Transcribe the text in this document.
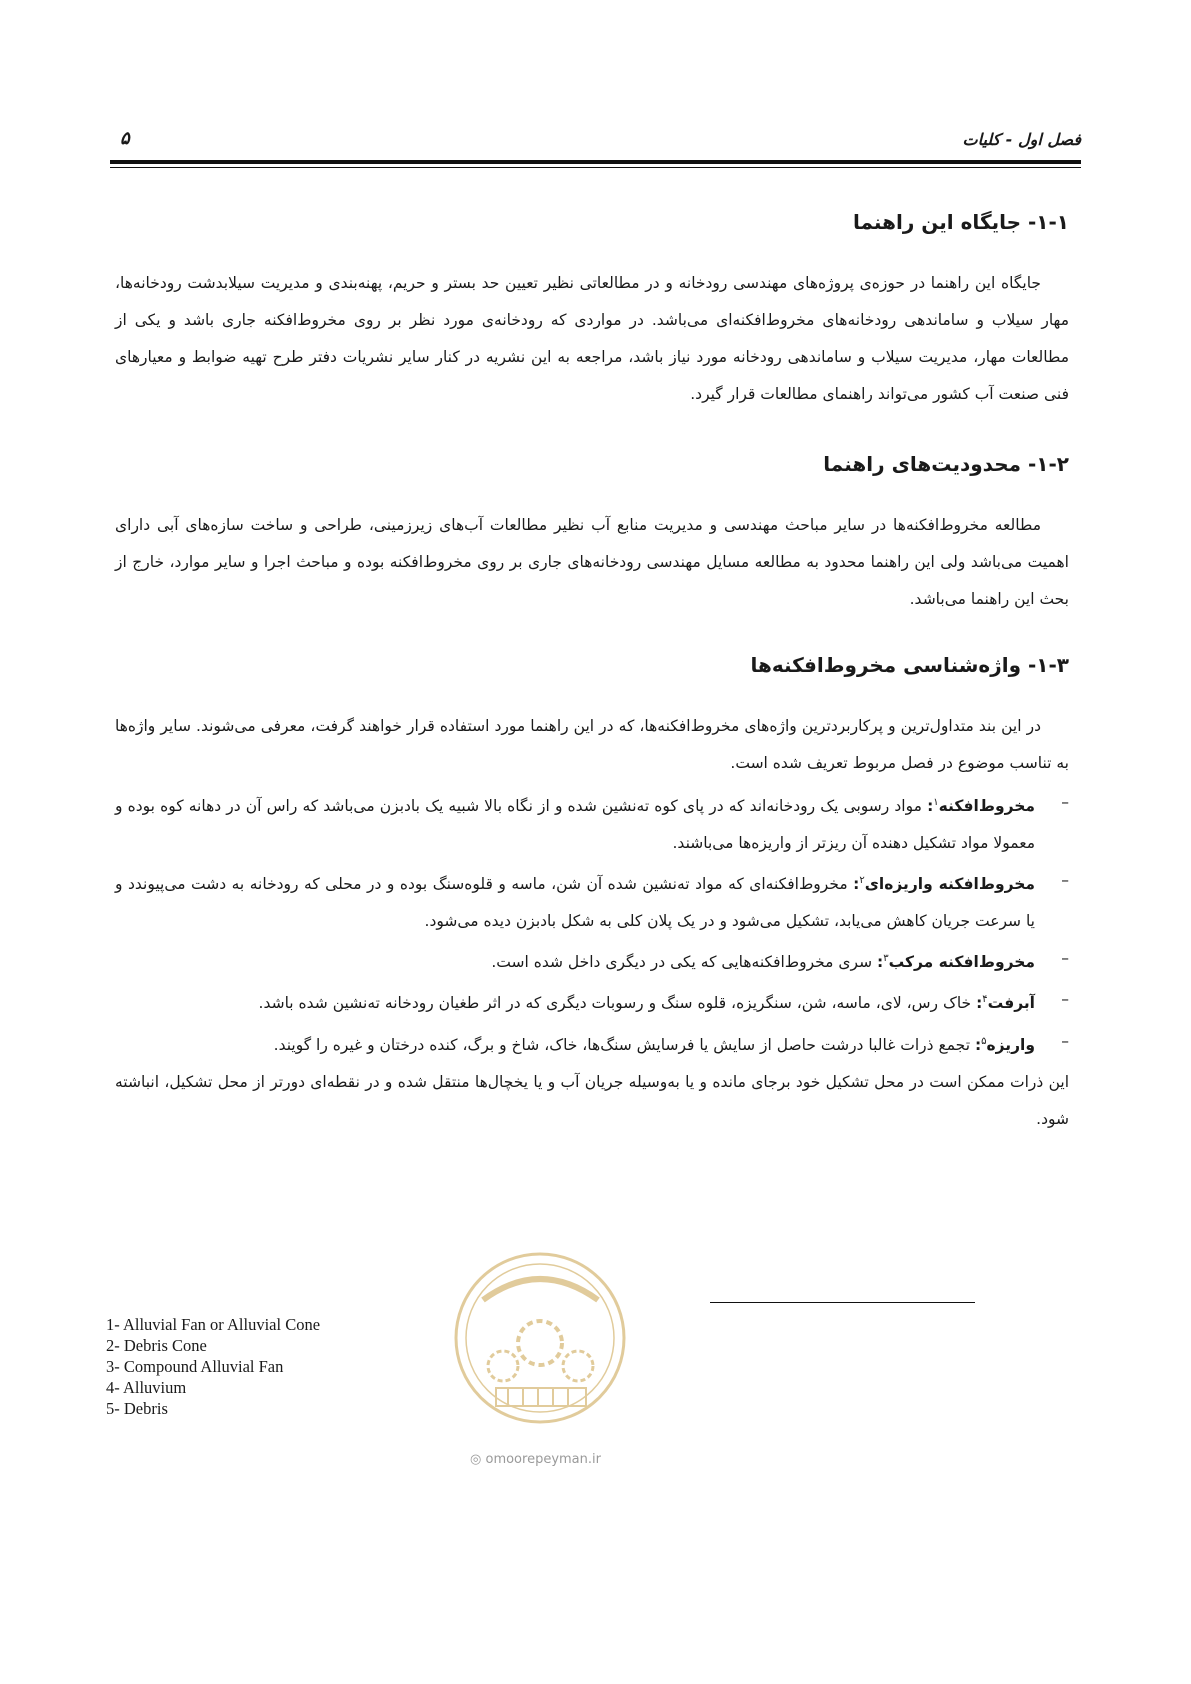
فصل اول - کلیات
۵
۱-۱- جایگاه این راهنما

جایگاه این راهنما در حوزه‌ی پروژه‌های مهندسی رودخانه و در مطالعاتی نظیر تعیین حد بستر و حریم، پهنه‌بندی و مدیریت سیلابدشت رودخانه‌ها، مهار سیلاب و ساماندهی رودخانه‌های مخروط‌افکنه‌ای می‌باشد. در مواردی که رودخانه‌ی مورد نظر بر روی مخروط‌افکنه جاری باشد و یکی از مطالعات مهار، مدیریت سیلاب و ساماندهی رودخانه مورد نیاز باشد، مراجعه به این نشریه در کنار سایر نشریات دفتر طرح تهیه ضوابط و معیارهای فنی صنعت آب کشور می‌تواند راهنمای مطالعات قرار گیرد.

۱-۲- محدودیت‌های راهنما

مطالعه مخروط‌افکنه‌ها در سایر مباحث مهندسی و مدیریت منابع آب نظیر مطالعات آب‌های زیرزمینی، طراحی و ساخت سازه‌های آبی دارای اهمیت می‌باشد ولی این راهنما محدود به مطالعه مسایل مهندسی رودخانه‌های جاری بر روی مخروط‌افکنه بوده و مباحث اجرا و سایر موارد، خارج از بحث این راهنما می‌باشد.

۱-۳- واژه‌شناسی مخروط‌افکنه‌ها

در این بند متداول‌ترین و پرکاربردترین واژه‌های مخروط‌افکنه‌ها، که در این راهنما مورد استفاده قرار خواهند گرفت، معرفی می‌شوند. سایر واژه‌ها به تناسب موضوع در فصل مربوط تعریف شده است.

–
مخروط‌افکنه$^۱$: مواد رسوبی یک رودخانه‌اند که در پای کوه ته‌نشین شده و از نگاه بالا شبیه یک بادبزن می‌باشد که راس آن در دهانه کوه بوده و معمولا مواد تشکیل دهنده آن ریزتر از واریزه‌ها می‌باشند.
–
مخروط‌افکنه واریزه‌ای$^۲$: مخروط‌افکنه‌ای که مواد ته‌نشین شده آن شن، ماسه و قلوه‌سنگ بوده و در محلی که رودخانه به دشت می‌پیوندد و یا سرعت جریان کاهش می‌یابد، تشکیل می‌شود و در یک پلان کلی به شکل بادبزن دیده می‌شود.
–
مخروط‌افکنه مرکب$^۳$: سری مخروط‌افکنه‌هایی که یکی در دیگری داخل شده است.
–
آبرفت$^۴$: خاک رس، لای، ماسه، شن، سنگریزه، قلوه سنگ و رسوبات دیگری که در اثر طغیان رودخانه ته‌نشین شده باشد.
–
واریزه$^۵$: تجمع ذرات غالبا درشت حاصل از سایش یا فرسایش سنگ‌ها، خاک، شاخ و برگ، کنده درختان و غیره را گویند.

این ذرات ممکن است در محل تشکیل خود برجای مانده و یا به‌وسیله جریان آب و یا یخچال‌ها منتقل شده و در نقطه‌ای دورتر از محل تشکیل، انباشته شود.

1- Alluvial Fan or Alluvial Cone
2- Debris Cone
3- Compound Alluvial Fan
4- Alluvium
5- Debris
◎ omoorepeyman.ir
